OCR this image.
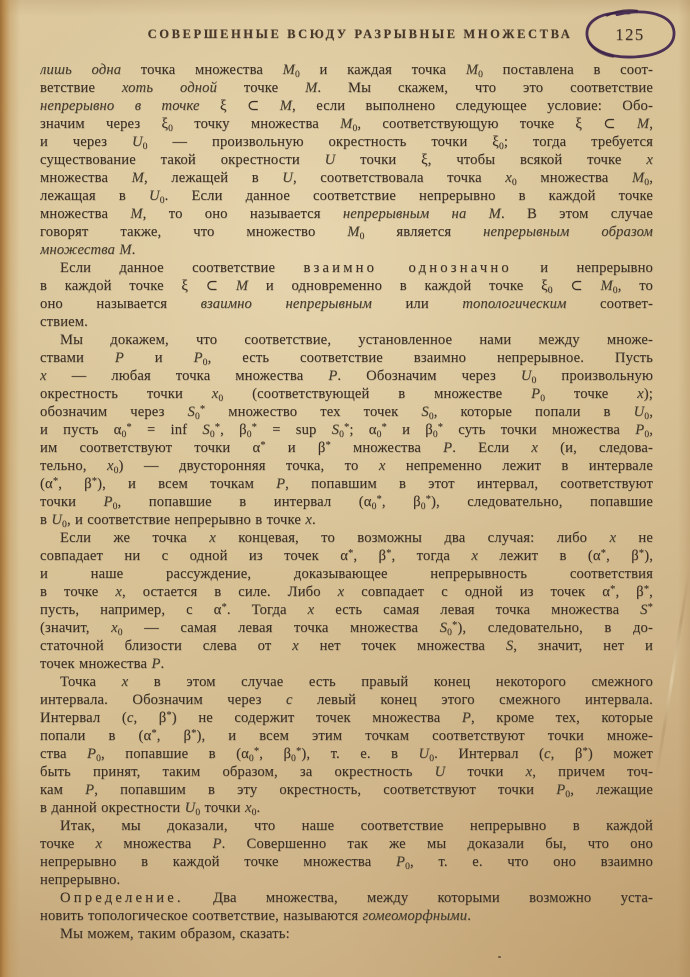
СОВЕРШЕННЫЕ ВСЮДУ РАЗРЫВНЫЕ МНОЖЕСТВА	125
лишь одна точка множества $M_0$ и каждая точка $M_0$ поставлена в соот-
ветствие хоть одной точке M. Мы скажем, что это соответствие
непрерывно в точке ξ ⊂ M, если выполнено следующее условие: Обо-
значим через $\xi_0$ точку множества $M_0$, соответствующую точке ξ ⊂ M,
и через $U_0$ — произвольную окрестность точки $\xi_0$; тогда требуется
существование такой окрестности U точки ξ, чтобы всякой точке x
множества M, лежащей в U, соответствовала точка $x_0$ множества $M_0$,
лежащая в $U_0$. Если данное соответствие непрерывно в каждой точке
множества M, то оно называется непрерывным на M. В этом случае
говорят также, что множество $M_0$ является непрерывным образом
множества M.
Если данное соответствие взаимно однозначно и непрерывно
в каждой точке ξ ⊂ M и одновременно в каждой точке $\xi_0$ ⊂ $M_0$, то
оно называется взаимно непрерывным или топологическим соответ-
ствием.
Мы докажем, что соответствие, установленное нами между множе-
ствами P и $P_0$, есть соответствие взаимно непрерывное. Пусть
x — любая точка множества P. Обозначим через $U_0$ произвольную
окрестность точки $x_0$ (соответствующей в множестве $P_0$ точке x);
обозначим через $S_0^*$ множество тех точек $S_0$, которые попали в $U_0$,
и пусть $\alpha_0^*$ = inf $S_0^*$, $\beta_0^*$ = sup $S_0^*$; $\alpha_0^*$ и $\beta_0^*$ суть точки множества $P_0$,
им соответствуют точки α* и β* множества P. Если x (и, следова-
тельно, $x_0$) — двусторонняя точка, то x непременно лежит в интервале
(α*, β*), и всем точкам P, попавшим в этот интервал, соответствуют
точки $P_0$, попавшие в интервал ($\alpha_0^*$, $\beta_0^*$), следовательно, попавшие
в $U_0$, и соответствие непрерывно в точке x.
Если же точка x концевая, то возможны два случая: либо x не
совпадает ни с одной из точек α*, β*, тогда x лежит в (α*, β*),
и наше рассуждение, доказывающее непрерывность соответствия
в точке x, остается в силе. Либо x совпадает с одной из точек α*, β*,
пусть, например, с α*. Тогда x есть самая левая точка множества S*
(значит, $x_0$ — самая левая точка множества $S_0^*$), следовательно, в до-
статочной близости слева от x нет точек множества S, значит, нет и
точек множества P.
Точка x в этом случае есть правый конец некоторого смежного
интервала. Обозначим через c левый конец этого смежного интервала.
Интервал (c, β*) не содержит точек множества P, кроме тех, которые
попали в (α*, β*), и всем этим точкам соответствуют точки множе-
ства $P_0$, попавшие в ($\alpha_0^*$, $\beta_0^*$), т. е. в $U_0$. Интервал (c, β*) может
быть принят, таким образом, за окрестность U точки x, причем точ-
кам P, попавшим в эту окрестность, соответствуют точки $P_0$, лежащие
в данной окрестности $U_0$ точки $x_0$.
Итак, мы доказали, что наше соответствие непрерывно в каждой
точке x множества P. Совершенно так же мы доказали бы, что оно
непрерывно в каждой точке множества $P_0$, т. е. что оно взаимно
непрерывно.
Определение. Два множества, между которыми возможно уста-
новить топологическое соответствие, называются гомеоморфными.
Мы можем, таким образом, сказать:
